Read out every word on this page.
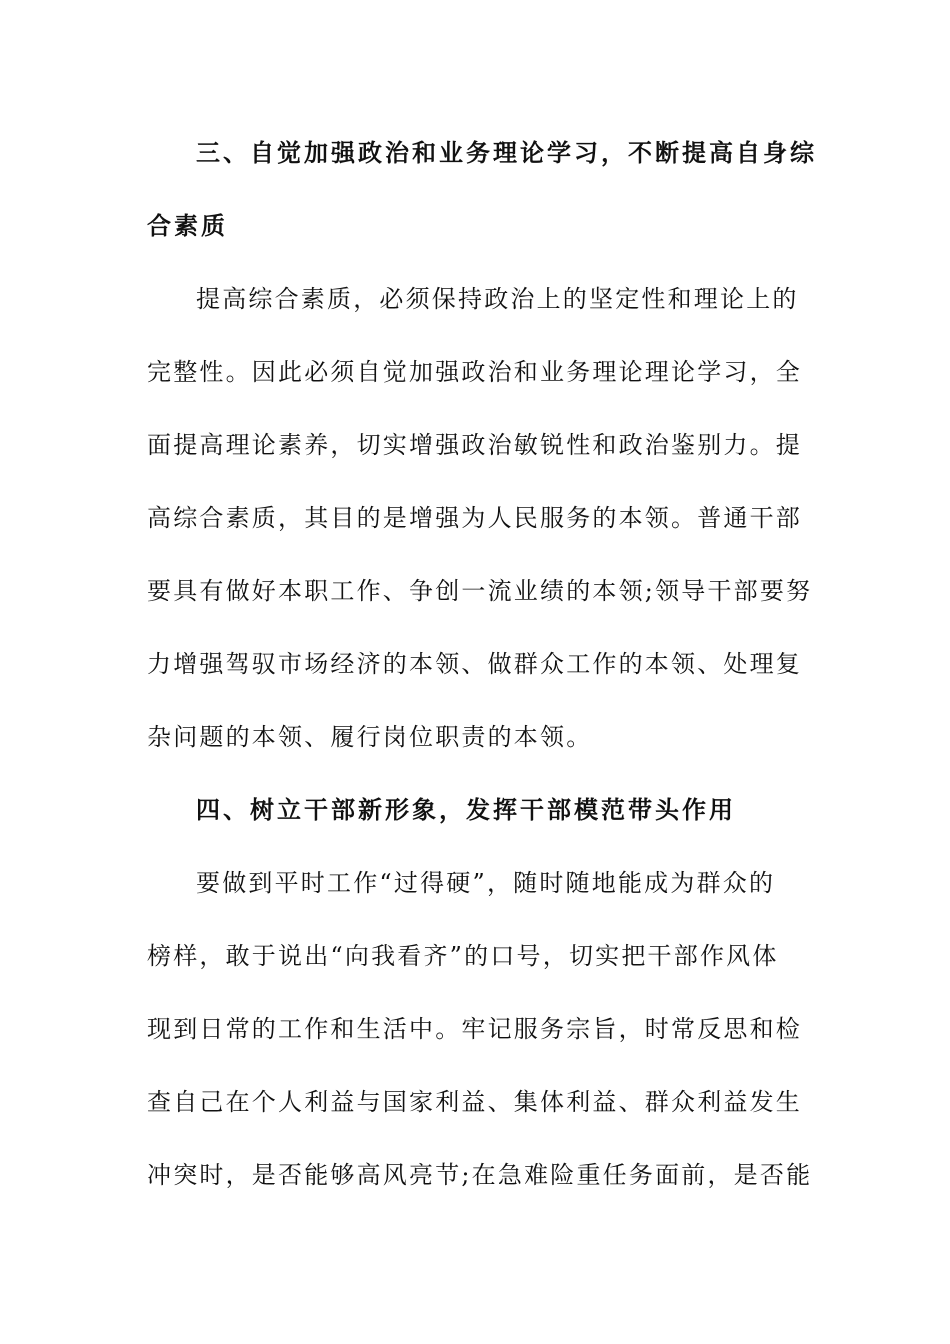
三、自觉加强政治和业务理论学习，不断提高自身综
合素质
提高综合素质，必须保持政治上的坚定性和理论上的
完整性。因此必须自觉加强政治和业务理论理论学习，全
面提高理论素养，切实增强政治敏锐性和政治鉴别力。提
高综合素质，其目的是增强为人民服务的本领。普通干部
要具有做好本职工作、争创一流业绩的本领;领导干部要努
力增强驾驭市场经济的本领、做群众工作的本领、处理复
杂问题的本领、履行岗位职责的本领。
四、树立干部新形象，发挥干部模范带头作用
要做到平时工作“过得硬”，随时随地能成为群众的
榜样，敢于说出“向我看齐”的口号，切实把干部作风体
现到日常的工作和生活中。牢记服务宗旨，时常反思和检
查自己在个人利益与国家利益、集体利益、群众利益发生
冲突时，是否能够高风亮节;在急难险重任务面前，是否能
